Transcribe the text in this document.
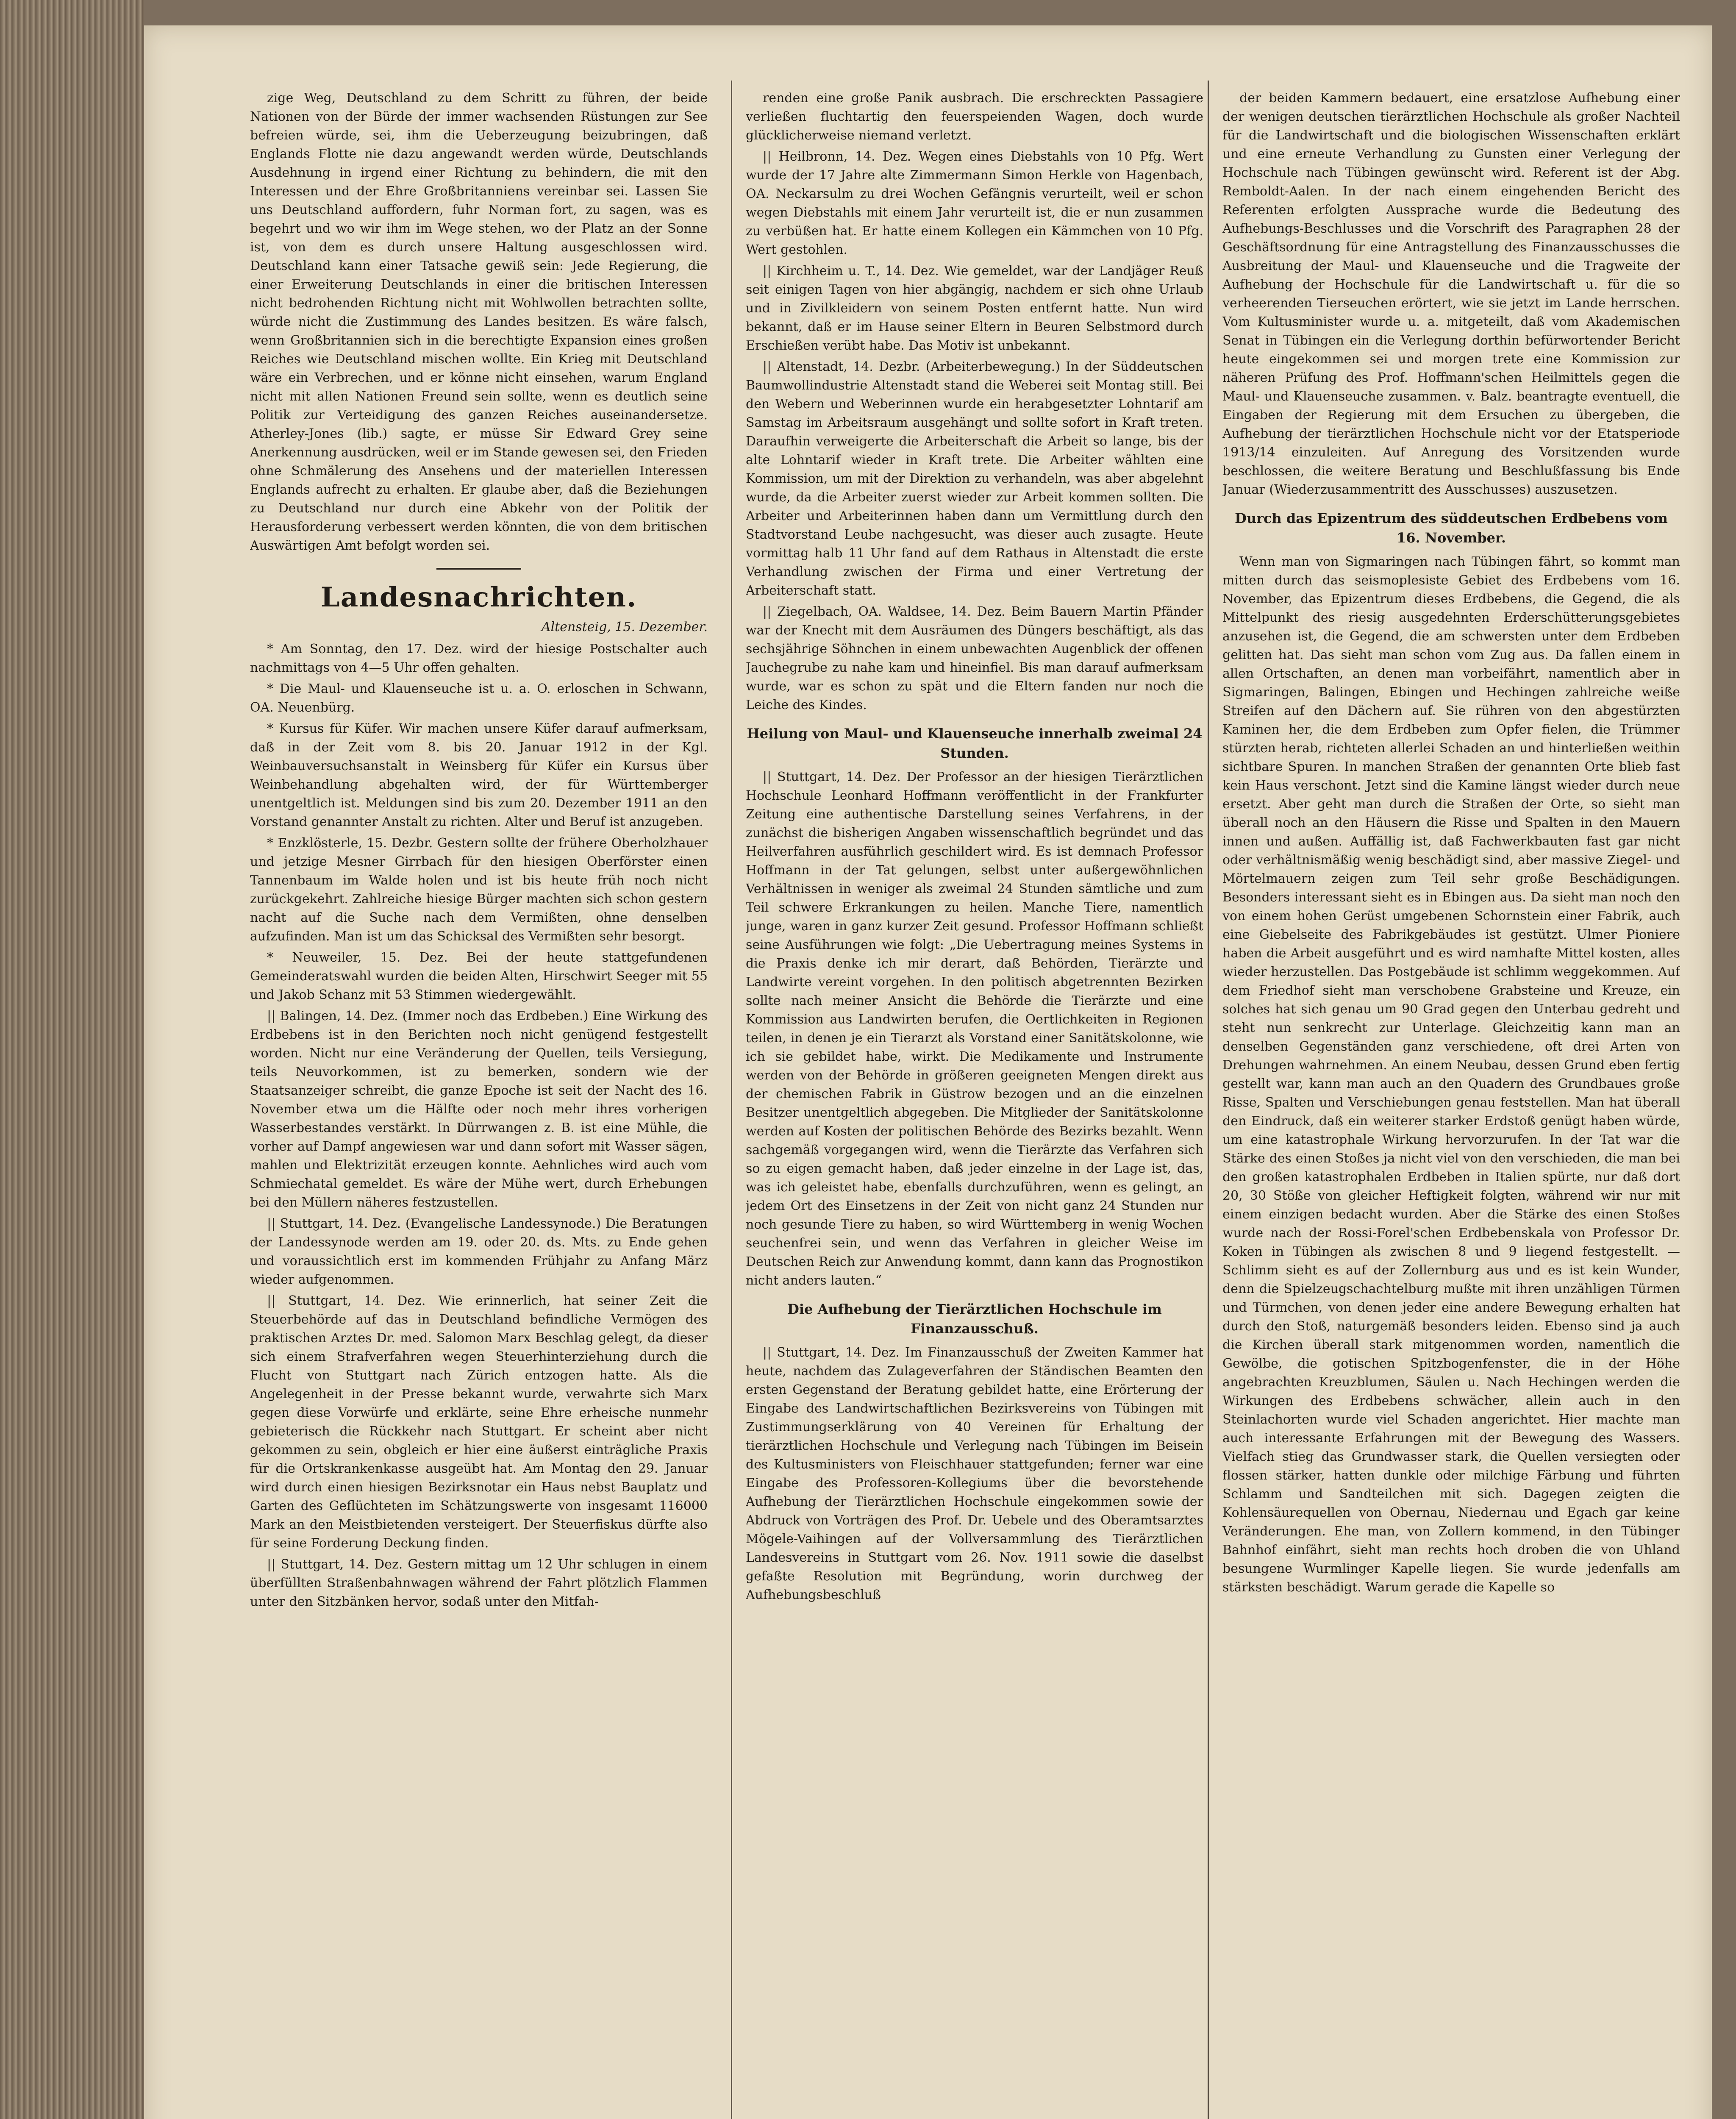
zige Weg, Deutschland zu dem Schritt zu führen, der beide Nationen von der Bürde der immer wachsenden Rüstungen zur See befreien würde, sei, ihm die Ueberzeugung beizubringen, daß Englands Flotte nie dazu angewandt werden würde, Deutschlands Ausdehnung in irgend einer Richtung zu behindern, die mit den Interessen und der Ehre Großbritanniens vereinbar sei. Lassen Sie uns Deutschland auffordern, fuhr Norman fort, zu sagen, was es begehrt und wo wir ihm im Wege stehen, wo der Platz an der Sonne ist, von dem es durch unsere Haltung ausgeschlossen wird. Deutschland kann einer Tatsache gewiß sein: Jede Regierung, die einer Erweiterung Deutschlands in einer die britischen Interessen nicht bedrohenden Richtung nicht mit Wohlwollen betrachten sollte, würde nicht die Zustimmung des Landes besitzen. Es wäre falsch, wenn Großbritannien sich in die berechtigte Expansion eines großen Reiches wie Deutschland mischen wollte. Ein Krieg mit Deutschland wäre ein Verbrechen, und er könne nicht einsehen, warum England nicht mit allen Nationen Freund sein sollte, wenn es deutlich seine Politik zur Verteidigung des ganzen Reiches auseinandersetze. Atherley-Jones (lib.) sagte, er müsse Sir Edward Grey seine Anerkennung ausdrücken, weil er im Stande gewesen sei, den Frieden ohne Schmälerung des Ansehens und der materiellen Interessen Englands aufrecht zu erhalten. Er glaube aber, daß die Beziehungen zu Deutschland nur durch eine Abkehr von der Politik der Herausforderung verbessert werden könnten, die von dem britischen Auswärtigen Amt befolgt worden sei.

Landesnachrichten.
Altensteig, 15. Dezember.

* Am Sonntag, den 17. Dez. wird der hiesige Postschalter auch nachmittags von 4—5 Uhr offen gehalten.

* Die Maul- und Klauenseuche ist u. a. O. erloschen in Schwann, OA. Neuenbürg.

* Kursus für Küfer. Wir machen unsere Küfer darauf aufmerksam, daß in der Zeit vom 8. bis 20. Januar 1912 in der Kgl. Weinbauversuchsanstalt in Weinsberg für Küfer ein Kursus über Weinbehandlung abgehalten wird, der für Württemberger unentgeltlich ist. Meldungen sind bis zum 20. Dezember 1911 an den Vorstand genannter Anstalt zu richten. Alter und Beruf ist anzugeben.

* Enzklösterle, 15. Dezbr. Gestern sollte der frühere Oberholzhauer und jetzige Mesner Girrbach für den hiesigen Oberförster einen Tannenbaum im Walde holen und ist bis heute früh noch nicht zurückgekehrt. Zahlreiche hiesige Bürger machten sich schon gestern nacht auf die Suche nach dem Vermißten, ohne denselben aufzufinden. Man ist um das Schicksal des Vermißten sehr besorgt.

* Neuweiler, 15. Dez. Bei der heute stattgefundenen Gemeinderatswahl wurden die beiden Alten, Hirschwirt Seeger mit 55 und Jakob Schanz mit 53 Stimmen wiedergewählt.

|| Balingen, 14. Dez. (Immer noch das Erdbeben.) Eine Wirkung des Erdbebens ist in den Berichten noch nicht genügend festgestellt worden. Nicht nur eine Veränderung der Quellen, teils Versiegung, teils Neuvorkommen, ist zu bemerken, sondern wie der Staatsanzeiger schreibt, die ganze Epoche ist seit der Nacht des 16. November etwa um die Hälfte oder noch mehr ihres vorherigen Wasserbestandes verstärkt. In Dürrwangen z. B. ist eine Mühle, die vorher auf Dampf angewiesen war und dann sofort mit Wasser sägen, mahlen und Elektrizität erzeugen konnte. Aehnliches wird auch vom Schmiechatal gemeldet. Es wäre der Mühe wert, durch Erhebungen bei den Müllern näheres festzustellen.

|| Stuttgart, 14. Dez. (Evangelische Landessynode.) Die Beratungen der Landessynode werden am 19. oder 20. ds. Mts. zu Ende gehen und voraussichtlich erst im kommenden Frühjahr zu Anfang März wieder aufgenommen.

|| Stuttgart, 14. Dez. Wie erinnerlich, hat seiner Zeit die Steuerbehörde auf das in Deutschland befindliche Vermögen des praktischen Arztes Dr. med. Salomon Marx Beschlag gelegt, da dieser sich einem Strafverfahren wegen Steuerhinterziehung durch die Flucht von Stuttgart nach Zürich entzogen hatte. Als die Angelegenheit in der Presse bekannt wurde, verwahrte sich Marx gegen diese Vorwürfe und erklärte, seine Ehre erheische nunmehr gebieterisch die Rückkehr nach Stuttgart. Er scheint aber nicht gekommen zu sein, obgleich er hier eine äußerst einträgliche Praxis für die Ortskrankenkasse ausgeübt hat. Am Montag den 29. Januar wird durch einen hiesigen Bezirksnotar ein Haus nebst Bauplatz und Garten des Geflüchteten im Schätzungswerte von insgesamt 116000 Mark an den Meistbietenden versteigert. Der Steuerfiskus dürfte also für seine Forderung Deckung finden.

|| Stuttgart, 14. Dez. Gestern mittag um 12 Uhr schlugen in einem überfüllten Straßenbahnwagen während der Fahrt plötzlich Flammen unter den Sitzbänken hervor, sodaß unter den Mitfah-

renden eine große Panik ausbrach. Die erschreckten Passagiere verließen fluchtartig den feuerspeienden Wagen, doch wurde glücklicherweise niemand verletzt.

|| Heilbronn, 14. Dez. Wegen eines Diebstahls von 10 Pfg. Wert wurde der 17 Jahre alte Zimmermann Simon Herkle von Hagenbach, OA. Neckarsulm zu drei Wochen Gefängnis verurteilt, weil er schon wegen Diebstahls mit einem Jahr verurteilt ist, die er nun zusammen zu verbüßen hat. Er hatte einem Kollegen ein Kämmchen von 10 Pfg. Wert gestohlen.

|| Kirchheim u. T., 14. Dez. Wie gemeldet, war der Landjäger Reuß seit einigen Tagen von hier abgängig, nachdem er sich ohne Urlaub und in Zivilkleidern von seinem Posten entfernt hatte. Nun wird bekannt, daß er im Hause seiner Eltern in Beuren Selbstmord durch Erschießen verübt habe. Das Motiv ist unbekannt.

|| Altenstadt, 14. Dezbr. (Arbeiterbewegung.) In der Süddeutschen Baumwollindustrie Altenstadt stand die Weberei seit Montag still. Bei den Webern und Weberinnen wurde ein herabgesetzter Lohntarif am Samstag im Arbeitsraum ausgehängt und sollte sofort in Kraft treten. Daraufhin verweigerte die Arbeiterschaft die Arbeit so lange, bis der alte Lohntarif wieder in Kraft trete. Die Arbeiter wählten eine Kommission, um mit der Direktion zu verhandeln, was aber abgelehnt wurde, da die Arbeiter zuerst wieder zur Arbeit kommen sollten. Die Arbeiter und Arbeiterinnen haben dann um Vermittlung durch den Stadtvorstand Leube nachgesucht, was dieser auch zusagte. Heute vormittag halb 11 Uhr fand auf dem Rathaus in Altenstadt die erste Verhandlung zwischen der Firma und einer Vertretung der Arbeiterschaft statt.

|| Ziegelbach, OA. Waldsee, 14. Dez. Beim Bauern Martin Pfänder war der Knecht mit dem Ausräumen des Düngers beschäftigt, als das sechsjährige Söhnchen in einem unbewachten Augenblick der offenen Jauchegrube zu nahe kam und hineinfiel. Bis man darauf aufmerksam wurde, war es schon zu spät und die Eltern fanden nur noch die Leiche des Kindes.

Heilung von Maul- und Klauenseuche innerhalb zweimal 24 Stunden.

|| Stuttgart, 14. Dez. Der Professor an der hiesigen Tierärztlichen Hochschule Leonhard Hoffmann veröffentlicht in der Frankfurter Zeitung eine authentische Darstellung seines Verfahrens, in der zunächst die bisherigen Angaben wissenschaftlich begründet und das Heilverfahren ausführlich geschildert wird. Es ist demnach Professor Hoffmann in der Tat gelungen, selbst unter außergewöhnlichen Verhältnissen in weniger als zweimal 24 Stunden sämtliche und zum Teil schwere Erkrankungen zu heilen. Manche Tiere, namentlich junge, waren in ganz kurzer Zeit gesund. Professor Hoffmann schließt seine Ausführungen wie folgt: „Die Uebertragung meines Systems in die Praxis denke ich mir derart, daß Behörden, Tierärzte und Landwirte vereint vorgehen. In den politisch abgetrennten Bezirken sollte nach meiner Ansicht die Behörde die Tierärzte und eine Kommission aus Landwirten berufen, die Oertlichkeiten in Regionen teilen, in denen je ein Tierarzt als Vorstand einer Sanitätskolonne, wie ich sie gebildet habe, wirkt. Die Medikamente und Instrumente werden von der Behörde in größeren geeigneten Mengen direkt aus der chemischen Fabrik in Güstrow bezogen und an die einzelnen Besitzer unentgeltlich abgegeben. Die Mitglieder der Sanitätskolonne werden auf Kosten der politischen Behörde des Bezirks bezahlt. Wenn sachgemäß vorgegangen wird, wenn die Tierärzte das Verfahren sich so zu eigen gemacht haben, daß jeder einzelne in der Lage ist, das, was ich geleistet habe, ebenfalls durchzuführen, wenn es gelingt, an jedem Ort des Einsetzens in der Zeit von nicht ganz 24 Stunden nur noch gesunde Tiere zu haben, so wird Württemberg in wenig Wochen seuchenfrei sein, und wenn das Verfahren in gleicher Weise im Deutschen Reich zur Anwendung kommt, dann kann das Prognostikon nicht anders lauten.“

Die Aufhebung der Tierärztlichen Hochschule im Finanzausschuß.

|| Stuttgart, 14. Dez. Im Finanzausschuß der Zweiten Kammer hat heute, nachdem das Zulageverfahren der Ständischen Beamten den ersten Gegenstand der Beratung gebildet hatte, eine Erörterung der Eingabe des Landwirtschaftlichen Bezirksvereins von Tübingen mit Zustimmungserklärung von 40 Vereinen für Erhaltung der tierärztlichen Hochschule und Verlegung nach Tübingen im Beisein des Kultusministers von Fleischhauer stattgefunden; ferner war eine Eingabe des Professoren-Kollegiums über die bevorstehende Aufhebung der Tierärztlichen Hochschule eingekommen sowie der Abdruck von Vorträgen des Prof. Dr. Uebele und des Oberamtsarztes Mögele-Vaihingen auf der Vollversammlung des Tierärztlichen Landesvereins in Stuttgart vom 26. Nov. 1911 sowie die daselbst gefaßte Resolution mit Begründung, worin durchweg der Aufhebungsbeschluß

der beiden Kammern bedauert, eine ersatzlose Aufhebung einer der wenigen deutschen tierärztlichen Hochschule als großer Nachteil für die Landwirtschaft und die biologischen Wissenschaften erklärt und eine erneute Verhandlung zu Gunsten einer Verlegung der Hochschule nach Tübingen gewünscht wird. Referent ist der Abg. Remboldt-Aalen. In der nach einem eingehenden Bericht des Referenten erfolgten Aussprache wurde die Bedeutung des Aufhebungs-Beschlusses und die Vorschrift des Paragraphen 28 der Geschäftsordnung für eine Antragstellung des Finanzausschusses die Ausbreitung der Maul- und Klauenseuche und die Tragweite der Aufhebung der Hochschule für die Landwirtschaft u. für die so verheerenden Tierseuchen erörtert, wie sie jetzt im Lande herrschen. Vom Kultusminister wurde u. a. mitgeteilt, daß vom Akademischen Senat in Tübingen ein die Verlegung dorthin befürwortender Bericht heute eingekommen sei und morgen trete eine Kommission zur näheren Prüfung des Prof. Hoffmann'schen Heilmittels gegen die Maul- und Klauenseuche zusammen. v. Balz. beantragte eventuell, die Eingaben der Regierung mit dem Ersuchen zu übergeben, die Aufhebung der tierärztlichen Hochschule nicht vor der Etatsperiode 1913/14 einzuleiten. Auf Anregung des Vorsitzenden wurde beschlossen, die weitere Beratung und Beschlußfassung bis Ende Januar (Wiederzusammentritt des Ausschusses) auszusetzen.

Durch das Epizentrum des süddeutschen Erdbebens vom 16. November.

Wenn man von Sigmaringen nach Tübingen fährt, so kommt man mitten durch das seismoplesiste Gebiet des Erdbebens vom 16. November, das Epizentrum dieses Erdbebens, die Gegend, die als Mittelpunkt des riesig ausgedehnten Erderschütterungsgebietes anzusehen ist, die Gegend, die am schwersten unter dem Erdbeben gelitten hat. Das sieht man schon vom Zug aus. Da fallen einem in allen Ortschaften, an denen man vorbeifährt, namentlich aber in Sigmaringen, Balingen, Ebingen und Hechingen zahlreiche weiße Streifen auf den Dächern auf. Sie rühren von den abgestürzten Kaminen her, die dem Erdbeben zum Opfer fielen, die Trümmer stürzten herab, richteten allerlei Schaden an und hinterließen weithin sichtbare Spuren. In manchen Straßen der genannten Orte blieb fast kein Haus verschont. Jetzt sind die Kamine längst wieder durch neue ersetzt. Aber geht man durch die Straßen der Orte, so sieht man überall noch an den Häusern die Risse und Spalten in den Mauern innen und außen. Auffällig ist, daß Fachwerkbauten fast gar nicht oder verhältnismäßig wenig beschädigt sind, aber massive Ziegel- und Mörtelmauern zeigen zum Teil sehr große Beschädigungen. Besonders interessant sieht es in Ebingen aus. Da sieht man noch den von einem hohen Gerüst umgebenen Schornstein einer Fabrik, auch eine Giebelseite des Fabrikgebäudes ist gestützt. Ulmer Pioniere haben die Arbeit ausgeführt und es wird namhafte Mittel kosten, alles wieder herzustellen. Das Postgebäude ist schlimm weggekommen. Auf dem Friedhof sieht man verschobene Grabsteine und Kreuze, ein solches hat sich genau um 90 Grad gegen den Unterbau gedreht und steht nun senkrecht zur Unterlage. Gleichzeitig kann man an denselben Gegenständen ganz verschiedene, oft drei Arten von Drehungen wahrnehmen. An einem Neubau, dessen Grund eben fertig gestellt war, kann man auch an den Quadern des Grundbaues große Risse, Spalten und Verschiebungen genau feststellen. Man hat überall den Eindruck, daß ein weiterer starker Erdstoß genügt haben würde, um eine katastrophale Wirkung hervorzurufen. In der Tat war die Stärke des einen Stoßes ja nicht viel von den verschieden, die man bei den großen katastrophalen Erdbeben in Italien spürte, nur daß dort 20, 30 Stöße von gleicher Heftigkeit folgten, während wir nur mit einem einzigen bedacht wurden. Aber die Stärke des einen Stoßes wurde nach der Rossi-Forel'schen Erdbebenskala von Professor Dr. Koken in Tübingen als zwischen 8 und 9 liegend festgestellt. — Schlimm sieht es auf der Zollernburg aus und es ist kein Wunder, denn die Spielzeugschachtelburg mußte mit ihren unzähligen Türmen und Türmchen, von denen jeder eine andere Bewegung erhalten hat durch den Stoß, naturgemäß besonders leiden. Ebenso sind ja auch die Kirchen überall stark mitgenommen worden, namentlich die Gewölbe, die gotischen Spitzbogenfenster, die in der Höhe angebrachten Kreuzblumen, Säulen u. Nach Hechingen werden die Wirkungen des Erdbebens schwächer, allein auch in den Steinlachorten wurde viel Schaden angerichtet. Hier machte man auch interessante Erfahrungen mit der Bewegung des Wassers. Vielfach stieg das Grundwasser stark, die Quellen versiegten oder flossen stärker, hatten dunkle oder milchige Färbung und führten Schlamm und Sandteilchen mit sich. Dagegen zeigten die Kohlensäurequellen von Obernau, Niedernau und Egach gar keine Veränderungen. Ehe man, von Zollern kommend, in den Tübinger Bahnhof einfährt, sieht man rechts hoch droben die von Uhland besungene Wurmlinger Kapelle liegen. Sie wurde jedenfalls am stärksten beschädigt. Warum gerade die Kapelle so
